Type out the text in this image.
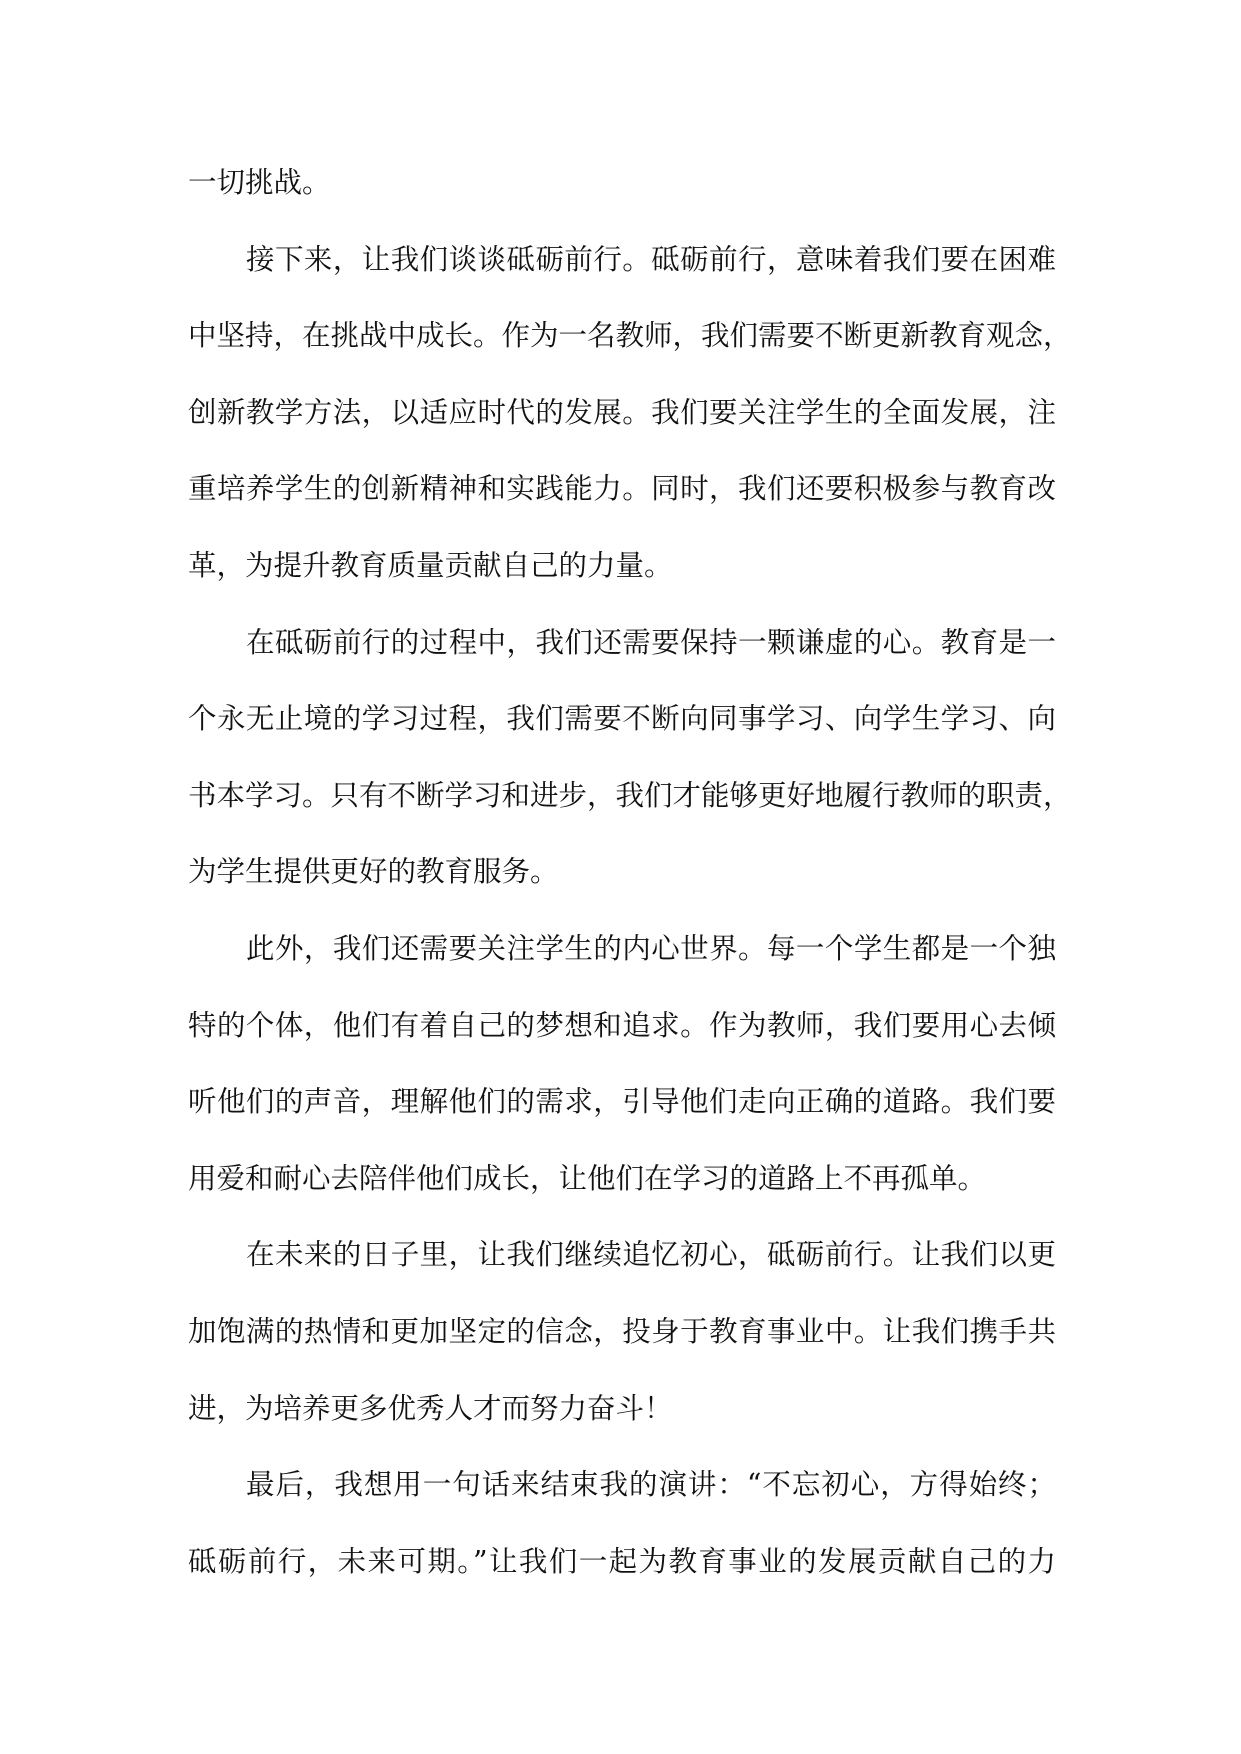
一切挑战。
接下来，让我们谈谈砥砺前行。砥砺前行，意味着我们要在困难
中坚持，在挑战中成长。作为一名教师，我们需要不断更新教育观念，
创新教学方法，以适应时代的发展。我们要关注学生的全面发展，注
重培养学生的创新精神和实践能力。同时，我们还要积极参与教育改
革，为提升教育质量贡献自己的力量。
在砥砺前行的过程中，我们还需要保持一颗谦虚的心。教育是一
个永无止境的学习过程，我们需要不断向同事学习、向学生学习、向
书本学习。只有不断学习和进步，我们才能够更好地履行教师的职责，
为学生提供更好的教育服务。
此外，我们还需要关注学生的内心世界。每一个学生都是一个独
特的个体，他们有着自己的梦想和追求。作为教师，我们要用心去倾
听他们的声音，理解他们的需求，引导他们走向正确的道路。我们要
用爱和耐心去陪伴他们成长，让他们在学习的道路上不再孤单。
在未来的日子里，让我们继续追忆初心，砥砺前行。让我们以更
加饱满的热情和更加坚定的信念，投身于教育事业中。让我们携手共
进，为培养更多优秀人才而努力奋斗！
最后，我想用一句话来结束我的演讲：“不忘初心，方得始终；
砥砺前行，未来可期。”让我们一起为教育事业的发展贡献自己的力
